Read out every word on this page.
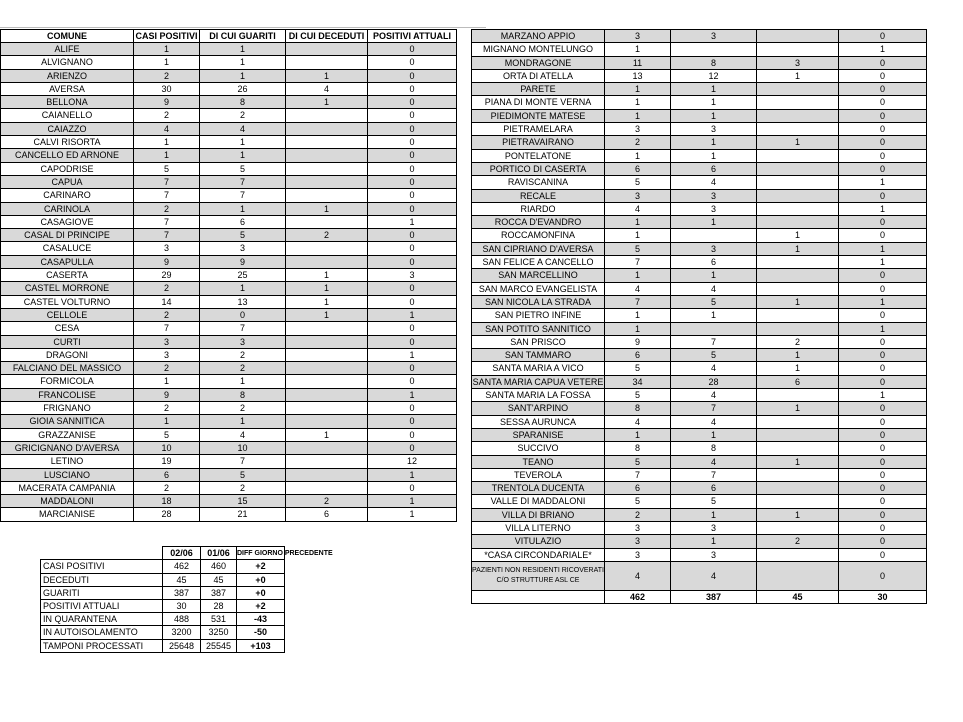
COMUNE	CASI POSITIVI	DI CUI GUARITI	DI CUI DECEDUTI	POSITIVI ATTUALI
ALIFE	1	1		0
ALVIGNANO	1	1		0
ARIENZO	2	1	1	0
AVERSA	30	26	4	0
BELLONA	9	8	1	0
CAIANELLO	2	2		0
CAIAZZO	4	4		0
CALVI RISORTA	1	1		0
CANCELLO ED ARNONE	1	1		0
CAPODRISE	5	5		0
CAPUA	7	7		0
CARINARO	7	7		0
CARINOLA	2	1	1	0
CASAGIOVE	7	6		1
CASAL DI PRINCIPE	7	5	2	0
CASALUCE	3	3		0
CASAPULLA	9	9		0
CASERTA	29	25	1	3
CASTEL MORRONE	2	1	1	0
CASTEL VOLTURNO	14	13	1	0
CELLOLE	2	0	1	1
CESA	7	7		0
CURTI	3	3		0
DRAGONI	3	2		1
FALCIANO DEL MASSICO	2	2		0
FORMICOLA	1	1		0
FRANCOLISE	9	8		1
FRIGNANO	2	2		0
GIOIA SANNITICA	1	1		0
GRAZZANISE	5	4	1	0
GRICIGNANO D'AVERSA	10	10		0
LETINO	19	7		12
LUSCIANO	6	5		1
MACERATA CAMPANIA	2	2		0
MADDALONI	18	15	2	1
MARCIANISE	28	21	6	1
MARZANO APPIO	3	3		0
MIGNANO MONTELUNGO	1			1
MONDRAGONE	11	8	3	0
ORTA DI ATELLA	13	12	1	0
PARETE	1	1		0
PIANA DI MONTE VERNA	1	1		0
PIEDIMONTE MATESE	1	1		0
PIETRAMELARA	3	3		0
PIETRAVAIRANO	2	1	1	0
PONTELATONE	1	1		0
PORTICO DI CASERTA	6	6		0
RAVISCANINA	5	4		1
RECALE	3	3		0
RIARDO	4	3		1
ROCCA D'EVANDRO	1	1		0
ROCCAMONFINA	1		1	0
SAN CIPRIANO D'AVERSA	5	3	1	1
SAN FELICE A CANCELLO	7	6		1
SAN MARCELLINO	1	1		0
SAN MARCO EVANGELISTA	4	4		0
SAN NICOLA LA STRADA	7	5	1	1
SAN PIETRO INFINE	1	1		0
SAN POTITO SANNITICO	1			1
SAN PRISCO	9	7	2	0
SAN TAMMARO	6	5	1	0
SANTA MARIA A VICO	5	4	1	0
SANTA MARIA CAPUA VETERE	34	28	6	0
SANTA MARIA LA FOSSA	5	4		1
SANT'ARPINO	8	7	1	0
SESSA AURUNCA	4	4		0
SPARANISE	1	1		0
SUCCIVO	8	8		0
TEANO	5	4	1	0
TEVEROLA	7	7		0
TRENTOLA DUCENTA	6	6		0
VALLE DI MADDALONI	5	5		0
VILLA DI BRIANO	2	1	1	0
VILLA LITERNO	3	3		0
VITULAZIO	3	1	2	0
*CASA CIRCONDARIALE*	3	3		0
PAZIENTI NON RESIDENTI RICOVERATI C/O STRUTTURE ASL CE	4	4		0
	462	387	45	30
	02/06	01/06	DIFF GIORNO PRECEDENTE
CASI POSITIVI	462	460	+2
DECEDUTI	45	45	+0
GUARITI	387	387	+0
POSITIVI ATTUALI	30	28	+2
IN QUARANTENA	488	531	-43
IN AUTOISOLAMENTO	3200	3250	-50
TAMPONI PROCESSATI	25648	25545	+103
